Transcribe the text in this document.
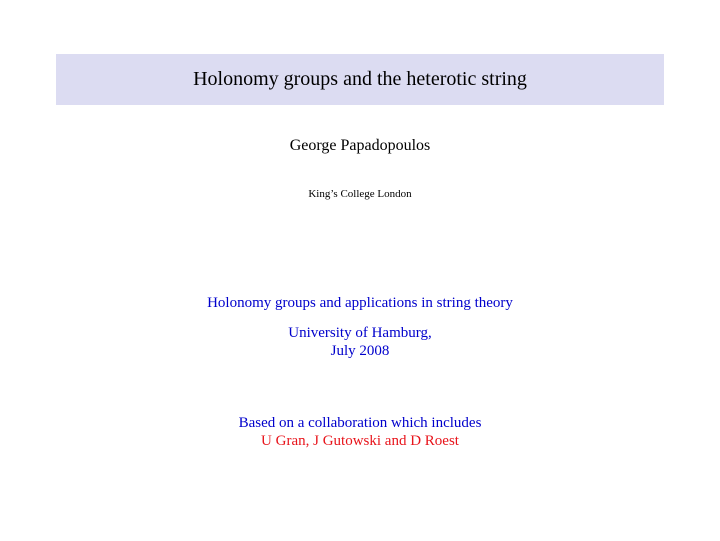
Holonomy groups and the heterotic string
George Papadopoulos
King’s College London
Holonomy groups and applications in string theory
University of Hamburg,
July 2008
Based on a collaboration which includes
U Gran, J Gutowski and D Roest
